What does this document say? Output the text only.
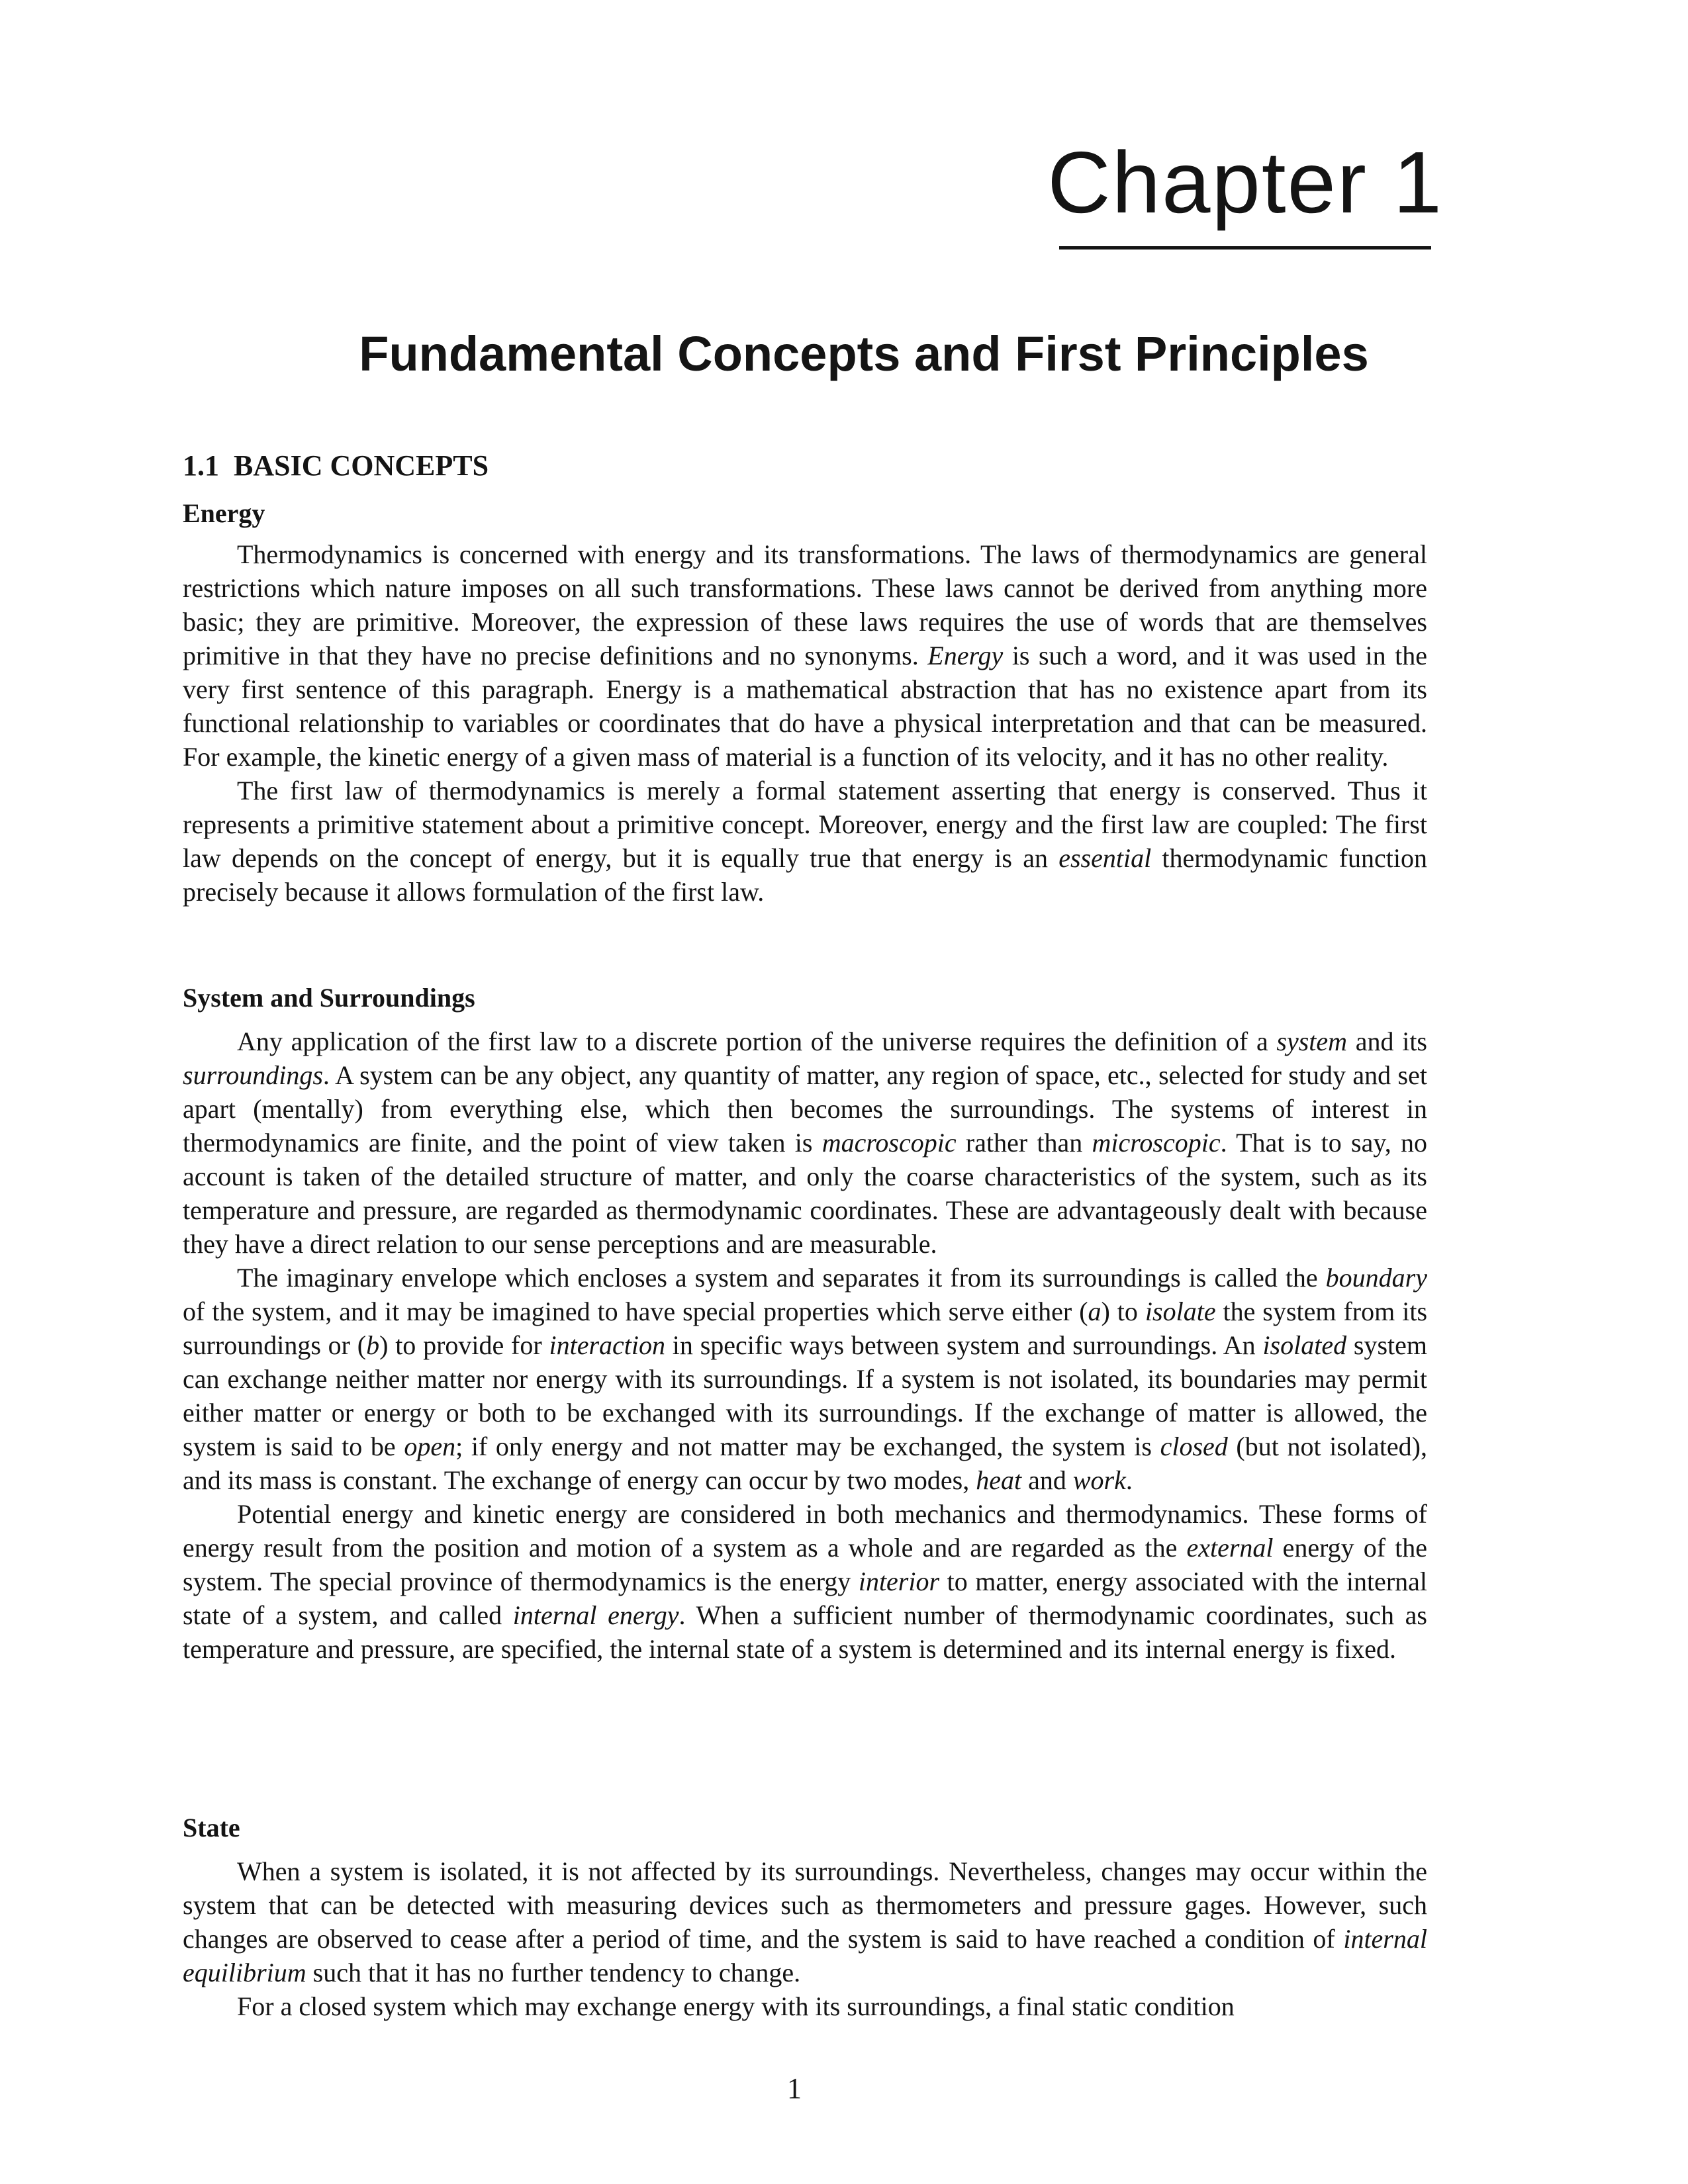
Chapter 1
Fundamental Concepts and First Principles
1.1 BASIC CONCEPTS
Energy

Thermodynamics is concerned with energy and its transformations. The laws of thermodynamics are general restrictions which nature imposes on all such transformations. These laws cannot be derived from anything more basic; they are primitive. Moreover, the expression of these laws requires the use of words that are themselves primitive in that they have no precise definitions and no synonyms. Energy is such a word, and it was used in the very first sentence of this paragraph. Energy is a mathematical abstraction that has no existence apart from its functional relationship to variables or coordinates that do have a physical interpretation and that can be measured. For example, the kinetic energy of a given mass of material is a function of its velocity, and it has no other reality.

The first law of thermodynamics is merely a formal statement asserting that energy is conserved. Thus it represents a primitive statement about a primitive concept. Moreover, energy and the first law are coupled: The first law depends on the concept of energy, but it is equally true that energy is an essential thermodynamic function precisely because it allows formulation of the first law.

System and Surroundings

Any application of the first law to a discrete portion of the universe requires the definition of a system and its surroundings. A system can be any object, any quantity of matter, any region of space, etc., selected for study and set apart (mentally) from everything else, which then becomes the surroundings. The systems of interest in thermodynamics are finite, and the point of view taken is macroscopic rather than microscopic. That is to say, no account is taken of the detailed structure of matter, and only the coarse characteristics of the system, such as its temperature and pressure, are regarded as thermodynamic coordinates. These are advantageously dealt with because they have a direct relation to our sense perceptions and are measurable.

The imaginary envelope which encloses a system and separates it from its surroundings is called the boundary of the system, and it may be imagined to have special properties which serve either (a) to isolate the system from its surroundings or (b) to provide for interaction in specific ways between system and surroundings. An isolated system can exchange neither matter nor energy with its surroundings. If a system is not isolated, its boundaries may permit either matter or energy or both to be exchanged with its surroundings. If the exchange of matter is allowed, the system is said to be open; if only energy and not matter may be exchanged, the system is closed (but not isolated), and its mass is constant. The exchange of energy can occur by two modes, heat and work.

Potential energy and kinetic energy are considered in both mechanics and thermodynamics. These forms of energy result from the position and motion of a system as a whole and are regarded as the external energy of the system. The special province of thermodynamics is the energy interior to matter, energy associated with the internal state of a system, and called internal energy. When a sufficient number of thermodynamic coordinates, such as temperature and pressure, are specified, the internal state of a system is determined and its internal energy is fixed.

State

When a system is isolated, it is not affected by its surroundings. Nevertheless, changes may occur within the system that can be detected with measuring devices such as thermometers and pressure gages. However, such changes are observed to cease after a period of time, and the system is said to have reached a condition of internal equilibrium such that it has no further tendency to change.

For a closed system which may exchange energy with its surroundings, a final static condition

1
